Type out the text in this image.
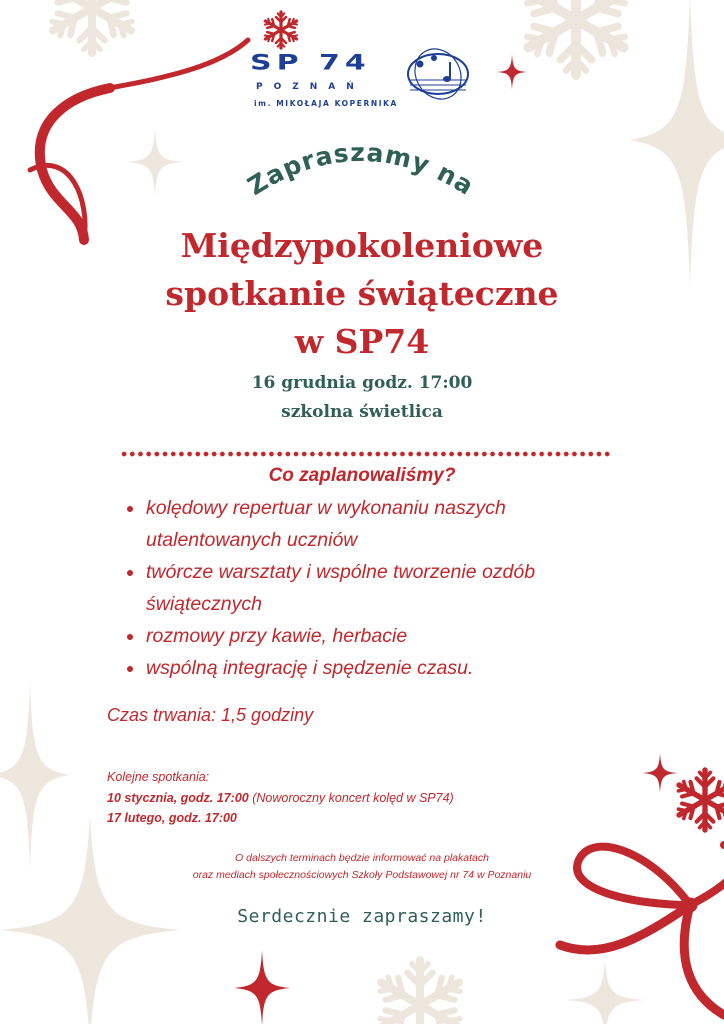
SP 74
POZNAŃ
im. MIKOŁAJA KOPERNIKA
Zapraszamy na
Międzypokoleniowe
spotkanie świąteczne
w SP74
16 grudnia godz. 17:00
szkolna świetlica
Co zaplanowaliśmy?
kolędowy repertuar w wykonaniu naszych
utalentowanych uczniów
twórcze warsztaty i wspólne tworzenie ozdób
świątecznych
rozmowy przy kawie, herbacie
wspólną integrację i spędzenie czasu.
Czas trwania: 1,5 godziny
Kolejne spotkania:
10 stycznia, godz. 17:00 (Noworoczny koncert kolęd w SP74)
17 lutego, godz. 17:00
O dalszych terminach będzie informować na plakatach
oraz mediach społecznościowych Szkoły Podstawowej nr 74 w Poznaniu
Serdecznie zapraszamy!
